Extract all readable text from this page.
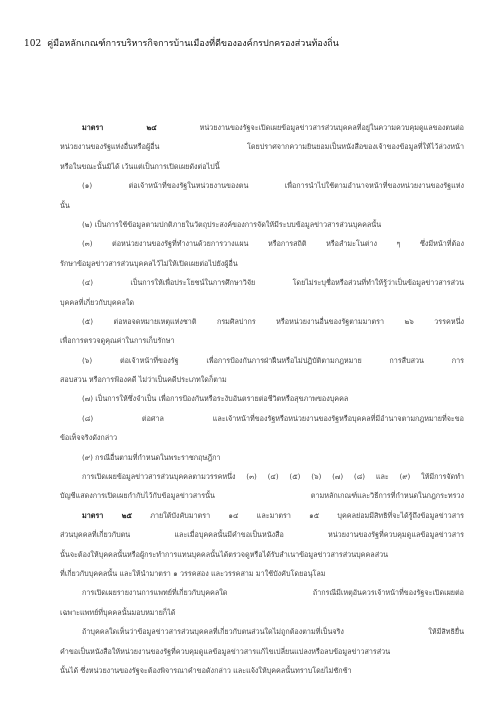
102 คู่มือหลักเกณฑ์การบริหารกิจการบ้านเมืองที่ดีขององค์กรปกครองส่วนท้องถิ่น
มาตรา ๒๔ หน่วยงานของรัฐจะเปิดเผยข้อมูลข่าวสารส่วนบุคคลที่อยู่ในความควบคุมดูแลของตนต่อ
หน่วยงานของรัฐแห่งอื่นหรือผู้อื่น โดยปราศจากความยินยอมเป็นหนังสือของเจ้าของข้อมูลที่ให้ไว้ล่วงหน้า
หรือในขณะนั้นมิได้ เว้นแต่เป็นการเปิดเผยดังต่อไปนี้
(๑) ต่อเจ้าหน้าที่ของรัฐในหน่วยงานของตน เพื่อการนำไปใช้ตามอำนาจหน้าที่ของหน่วยงานของรัฐแห่ง
นั้น
(๒) เป็นการใช้ข้อมูลตามปกติภายในวัตถุประสงค์ของการจัดให้มีระบบข้อมูลข่าวสารส่วนบุคคลนั้น
(๓) ต่อหน่วยงานของรัฐที่ทำงานด้วยการวางแผน หรือการสถิติ หรือสำมะโนต่าง ๆ ซึ่งมีหน้าที่ต้อง
รักษาข้อมูลข่าวสารส่วนบุคคลไว้ไม่ให้เปิดเผยต่อไปยังผู้อื่น
(๔) เป็นการให้เพื่อประโยชน์ในการศึกษาวิจัย โดยไม่ระบุชื่อหรือส่วนที่ทำให้รู้ว่าเป็นข้อมูลข่าวสารส่วน
บุคคลที่เกี่ยวกับบุคคลใด
(๕) ต่อหอจดหมายเหตุแห่งชาติ กรมศิลปากร หรือหน่วยงานอื่นของรัฐตามมาตรา ๒๖ วรรคหนึ่ง
เพื่อการตรวจดูคุณค่าในการเก็บรักษา
(๖) ต่อเจ้าหน้าที่ของรัฐ เพื่อการป้องกันการฝ่าฝืนหรือไม่ปฏิบัติตามกฎหมาย การสืบสวน การ
สอบสวน หรือการฟ้องคดี ไม่ว่าเป็นคดีประเภทใดก็ตาม
(๗) เป็นการให้ซึ่งจำเป็น เพื่อการป้องกันหรือระงับอันตรายต่อชีวิตหรือสุขภาพของบุคคล
(๘) ต่อศาล และเจ้าหน้าที่ของรัฐหรือหน่วยงานของรัฐหรือบุคคลที่มีอำนาจตามกฎหมายที่จะขอ
ข้อเท็จจริงดังกล่าว
(๙) กรณีอื่นตามที่กำหนดในพระราชกฤษฎีกา
การเปิดเผยข้อมูลข่าวสารส่วนบุคคลตามวรรคหนึ่ง (๓) (๔) (๕) (๖) (๗) (๘) และ (๙) ให้มีการจัดทำ
บัญชีแสดงการเปิดเผยกำกับไว้กับข้อมูลข่าวสารนั้น ตามหลักเกณฑ์และวิธีการที่กำหนดในกฎกระทรวง
มาตรา ๒๕ ภายใต้บังคับมาตรา ๑๔ และมาตรา ๑๕ บุคคลย่อมมีสิทธิที่จะได้รู้ถึงข้อมูลข่าวสาร
ส่วนบุคคลที่เกี่ยวกับตน และเมื่อบุคคลนั้นมีคำขอเป็นหนังสือ หน่วยงานของรัฐที่ควบคุมดูแลข้อมูลข่าวสาร
นั้นจะต้องให้บุคคลนั้นหรือผู้กระทำการแทนบุคคลนั้นได้ตรวจดูหรือได้รับสำเนาข้อมูลข่าวสารส่วนบุคคลส่วน
ที่เกี่ยวกับบุคคลนั้น และให้นำมาตรา ๑ วรรคสอง และวรรคสาม มาใช้บังคับโดยอนุโลม
การเปิดเผยรายงานการแพทย์ที่เกี่ยวกับบุคคลใด ถ้ากรณีมีเหตุอันควรเจ้าหน้าที่ของรัฐจะเปิดเผยต่อ
เฉพาะแพทย์ที่บุคคลนั้นมอบหมายก็ได้
ถ้าบุคคลใดเห็นว่าข้อมูลข่าวสารส่วนบุคคลที่เกี่ยวกับตนส่วนใดไม่ถูกต้องตามที่เป็นจริง ให้มีสิทธิยื่น
คำขอเป็นหนังสือให้หน่วยงานของรัฐที่ควบคุมดูแลข้อมูลข่าวสารแก้ไขเปลี่ยนแปลงหรือลบข้อมูลข่าวสารส่วน
นั้นได้ ซึ่งหน่วยงานของรัฐจะต้องพิจารณาคำขอดังกล่าว และแจ้งให้บุคคลนั้นทราบโดยไม่ชักช้า
